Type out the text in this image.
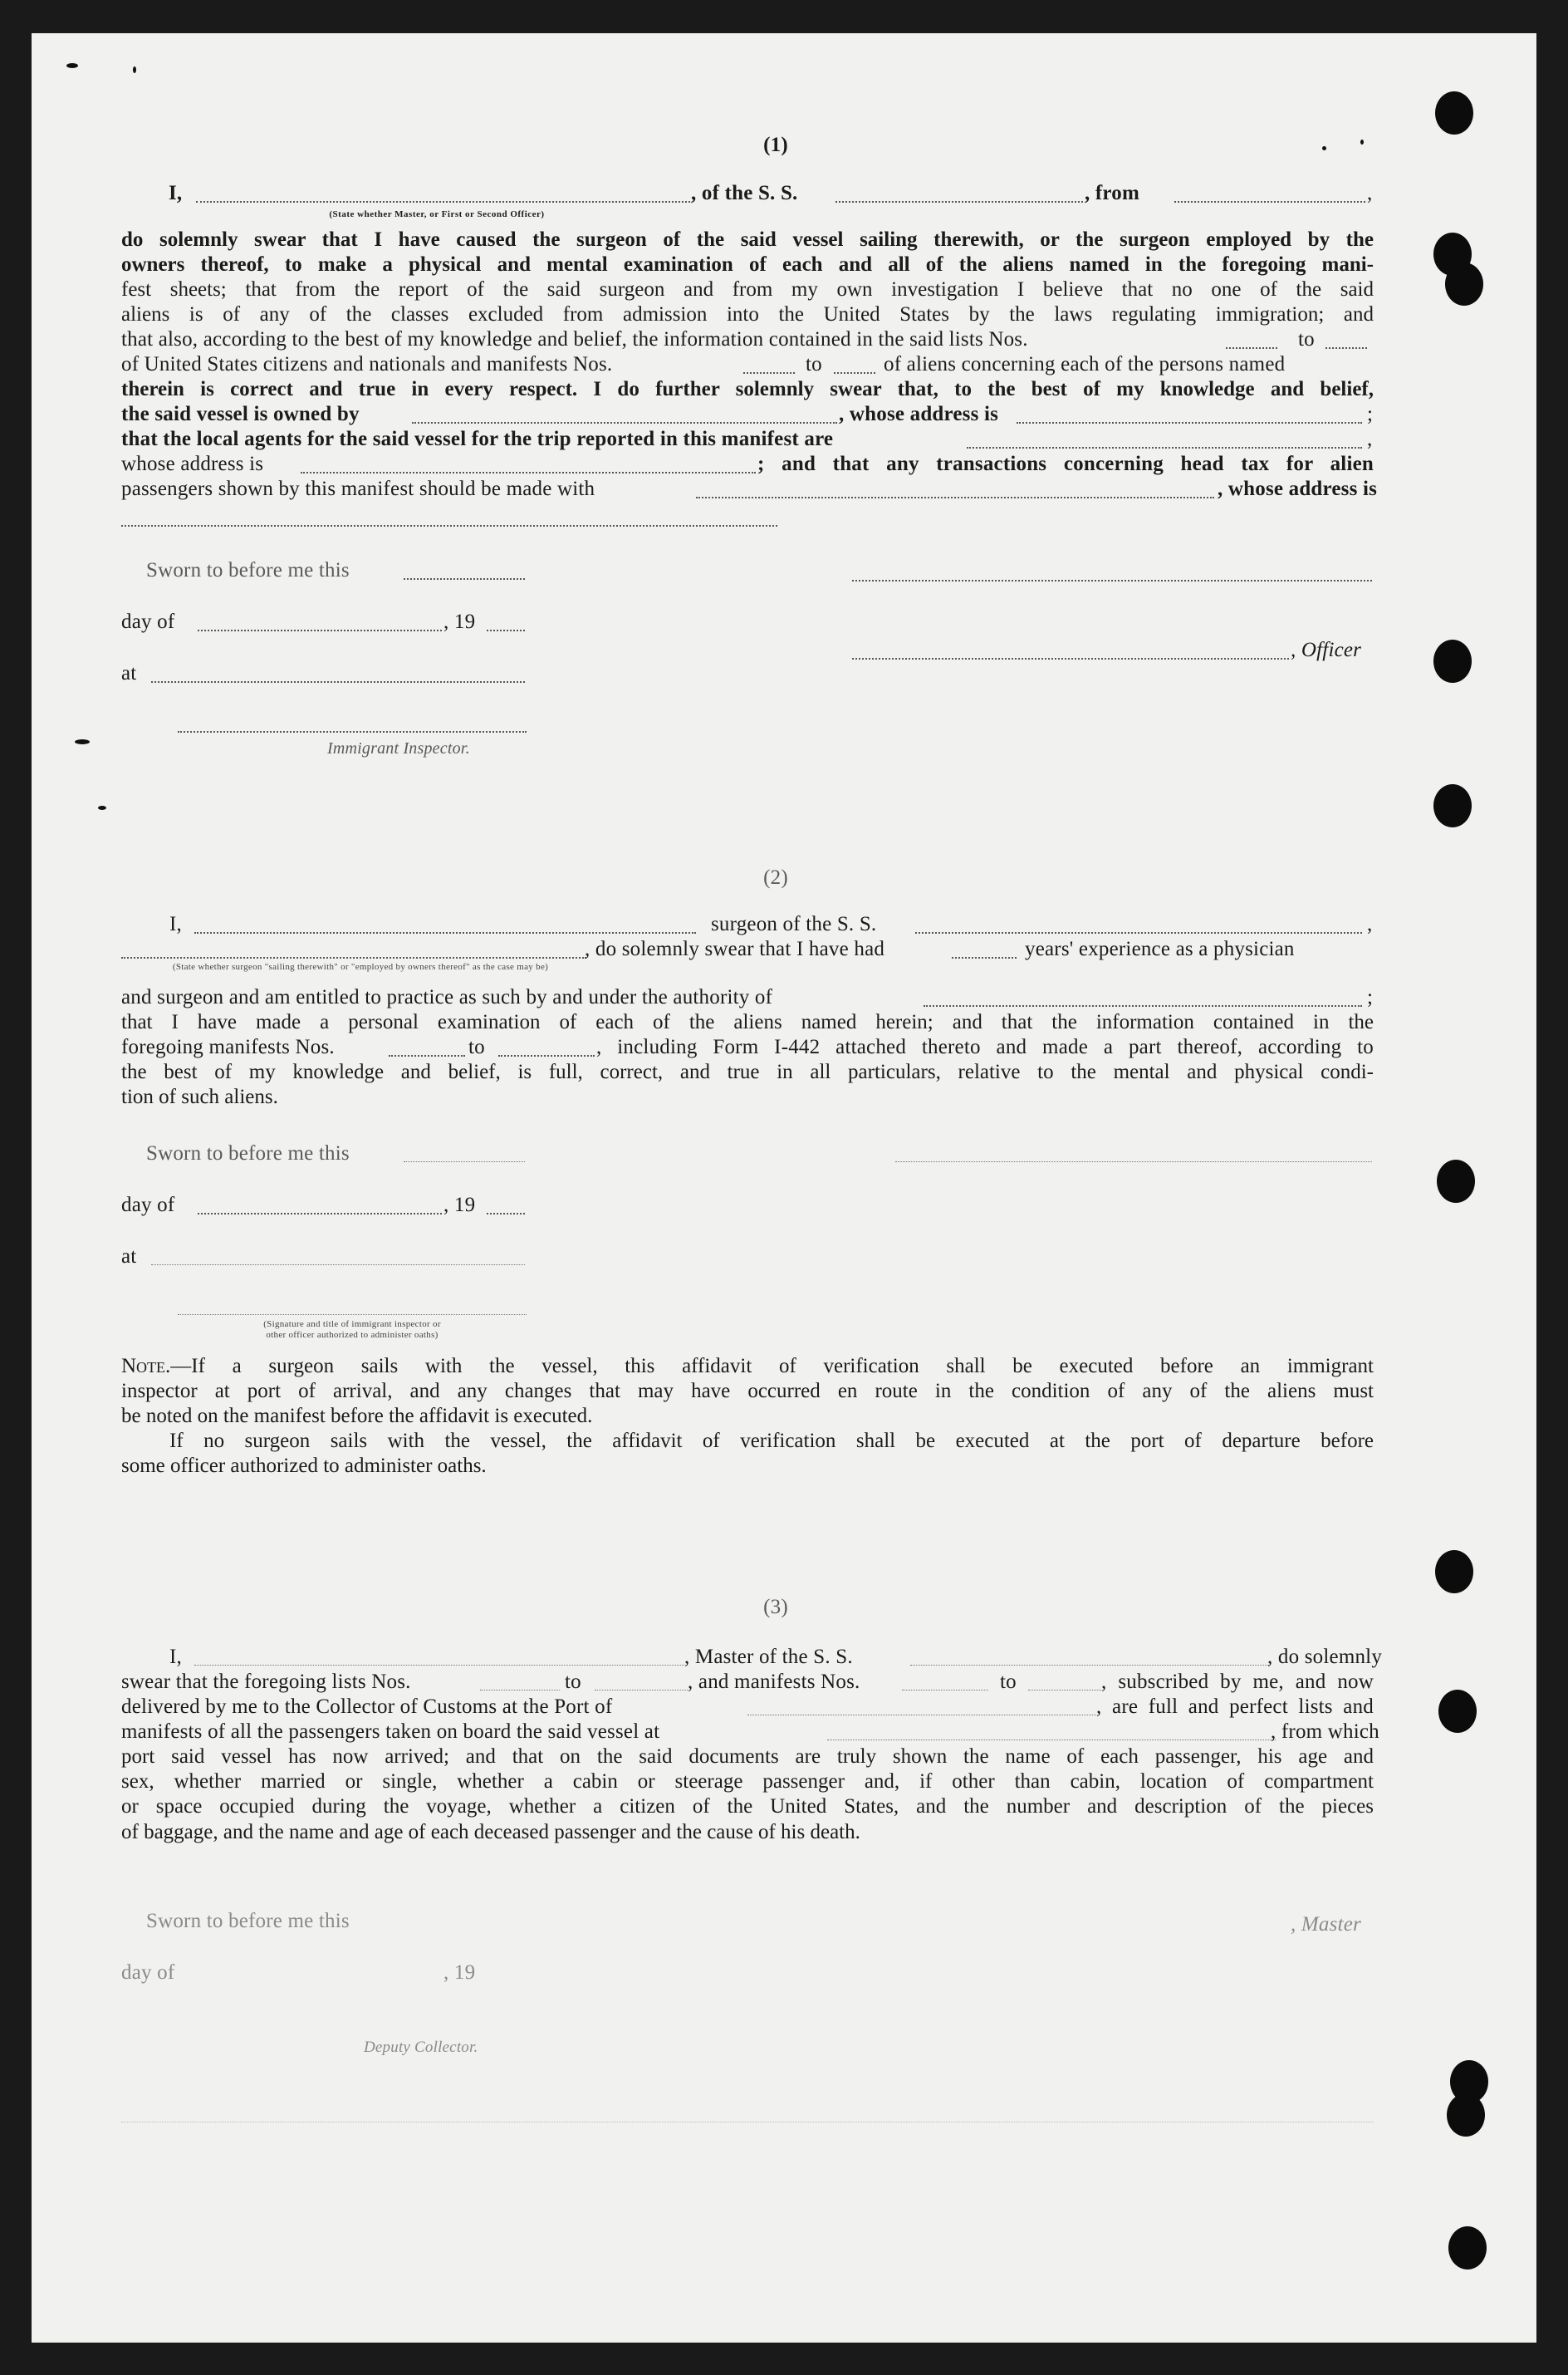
(1)
I,	, of the S. S.	, from	,
(State whether Master, or First or Second Officer)
do solemnly swear that I have caused the surgeon of the said vessel sailing therewith, or the surgeon employed by the
owners thereof, to make a physical and mental examination of each and all of the aliens named in the foregoing mani-
fest sheets; that from the report of the said surgeon and from my own investigation I believe that no one of the said
aliens is of any of the classes excluded from admission into the United States by the laws regulating immigration; and
that also, according to the best of my knowledge and belief, the information contained in the said lists Nos.	to
of United States citizens and nationals and manifests Nos.	to	of aliens concerning each of the persons named
therein is correct and true in every respect. I do further solemnly swear that, to the best of my knowledge and belief,
the said vessel is owned by	, whose address is	;
that the local agents for the said vessel for the trip reported in this manifest are	,
whose address is	; and that any transactions concerning head tax for alien
passengers shown by this manifest should be made with	, whose address is
Sworn to before me this
day of	, 19
, Officer
at
Immigrant Inspector.
(2)
I,	surgeon of the S. S.	,
, do solemnly swear that I have had	years' experience as a physician
(State whether surgeon "sailing therewith" or "employed by owners thereof" as the case may be)
and surgeon and am entitled to practice as such by and under the authority of	;
that I have made a personal examination of each of the aliens named herein; and that the information contained in the
foregoing manifests Nos.	to	, including Form I-442 attached thereto and made a part thereof, according to
the best of my knowledge and belief, is full, correct, and true in all particulars, relative to the mental and physical condi-
tion of such aliens.
Sworn to before me this
day of	, 19
at
(Signature and title of immigrant inspector or
other officer authorized to administer oaths)
Note.—If a surgeon sails with the vessel, this affidavit of verification shall be executed before an immigrant
inspector at port of arrival, and any changes that may have occurred en route in the condition of any of the aliens must
be noted on the manifest before the affidavit is executed.
If no surgeon sails with the vessel, the affidavit of verification shall be executed at the port of departure before
some officer authorized to administer oaths.
(3)
I,	, Master of the S. S.	, do solemnly
swear that the foregoing lists Nos.	to	, and manifests Nos.	to	, subscribed by me, and now
delivered by me to the Collector of Customs at the Port of	, are full and perfect lists and
manifests of all the passengers taken on board the said vessel at	, from which
port said vessel has now arrived; and that on the said documents are truly shown the name of each passenger, his age and
sex, whether married or single, whether a cabin or steerage passenger and, if other than cabin, location of compartment
or space occupied during the voyage, whether a citizen of the United States, and the number and description of the pieces
of baggage, and the name and age of each deceased passenger and the cause of his death.
Sworn to before me this	, Master
day of	, 19
Deputy Collector.
